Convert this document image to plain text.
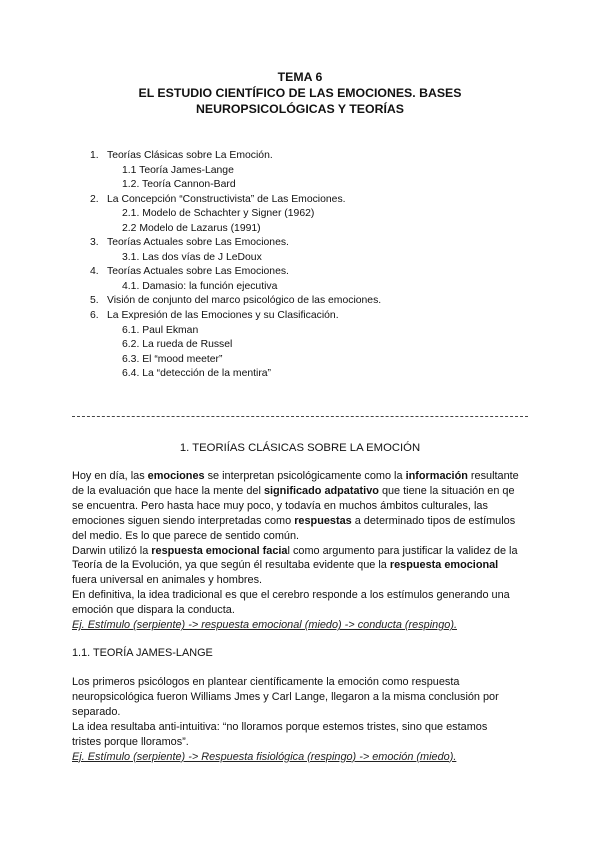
TEMA 6
EL ESTUDIO CIENTÍFICO DE LAS EMOCIONES. BASES
NEUROPSICOLÓGICAS Y TEORÍAS
1. Teorías Clásicas sobre La Emoción.
1.1 Teoría James-Lange
1.2. Teoría Cannon-Bard
2. La Concepción “Constructivista” de Las Emociones.
2.1. Modelo de Schachter y Signer (1962)
2.2 Modelo de Lazarus (1991)
3. Teorías Actuales sobre Las Emociones.
3.1. Las dos vías de J LeDoux
4. Teorías Actuales sobre Las Emociones.
4.1. Damasio: la función ejecutiva
5. Visión de conjunto del marco psicológico de las emociones.
6. La Expresión de las Emociones y su Clasificación.
6.1. Paul Ekman
6.2. La rueda de Russel
6.3. El “mood meeter”
6.4. La “detección de la mentira”
1. TEORIÍAS CLÁSICAS SOBRE LA EMOCIÓN
Hoy en día, las emociones se interpretan psicológicamente como la información resultante
de la evaluación que hace la mente del significado adpatativo que tiene la situación en qe
se encuentra. Pero hasta hace muy poco, y todavía en muchos ámbitos culturales, las
emociones siguen siendo interpretadas como respuestas a determinado tipos de estímulos
del medio. Es lo que parece de sentido común.
Darwin utilizó la respuesta emocional facial como argumento para justificar la validez de la
Teoría de la Evolución, ya que según él resultaba evidente que la respuesta emocional
fuera universal en animales y hombres.
En definitiva, la idea tradicional es que el cerebro responde a los estímulos generando una
emoción que dispara la conducta.
Ej. Estímulo (serpiente) -> respuesta emocional (miedo) -> conducta (respingo).
1.1. TEORÍA JAMES-LANGE
Los primeros psicólogos en plantear científicamente la emoción como respuesta
neuropsicológica fueron Williams Jmes y Carl Lange, llegaron a la misma conclusión por
separado.
La idea resultaba anti-intuitiva: “no lloramos porque estemos tristes, sino que estamos
tristes porque lloramos”.
Ej. Estímulo (serpiente) -> Respuesta fisiológica (respingo) -> emoción (miedo).
